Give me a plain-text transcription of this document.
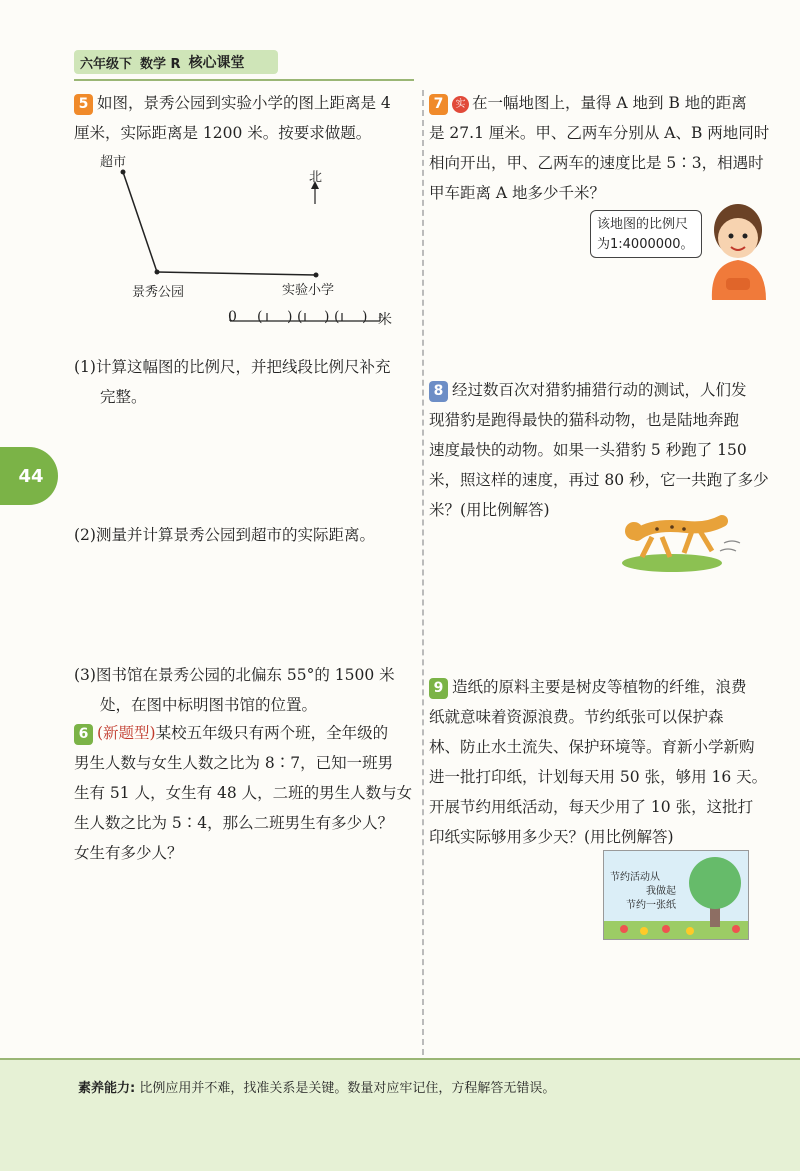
六年级下 数学 R 核心课堂
44
5 如图，景秀公园到实验小学的图上距离是 4
厘米，实际距离是 1200 米。按要求做题。
超市
北
景秀公园	实验小学
0 ( ) ( ) ( ) 米
(1)计算这幅图的比例尺，并把线段比例尺补充
完整。
(2)测量并计算景秀公园到超市的实际距离。
(3)图书馆在景秀公园的北偏东 55°的 1500 米
处，在图中标明图书馆的位置。
6 (新题型)某校五年级只有两个班，全年级的
男生人数与女生人数之比为 8∶7，已知一班男
生有 51 人，女生有 48 人，二班的男生人数与女
生人数之比为 5∶4，那么二班男生有多少人？
女生有多少人？
7 实 在一幅地图上，量得 A 地到 B 地的距离
是 27.1 厘米。甲、乙两车分别从 A、B 两地同时
相向开出，甲、乙两车的速度比是 5∶3，相遇时
甲车距离 A 地多少千米？
该地图的比例尺
为1:4000000。
8 经过数百次对猎豹捕猎行动的测试，人们发
现猎豹是跑得最快的猫科动物，也是陆地奔跑
速度最快的动物。如果一头猎豹 5 秒跑了 150
米，照这样的速度，再过 80 秒，它一共跑了多少
米？(用比例解答)
9 造纸的原料主要是树皮等植物的纤维，浪费
纸就意味着资源浪费。节约纸张可以保护森
林、防止水土流失、保护环境等。育新小学新购
进一批打印纸，计划每天用 50 张，够用 16 天。
开展节约用纸活动，每天少用了 10 张，这批打
印纸实际够用多少天？(用比例解答)
节约活动从
我做起
节约一张纸
素养能力: 比例应用并不难，找准关系是关键。数量对应牢记住，方程解答无错误。
